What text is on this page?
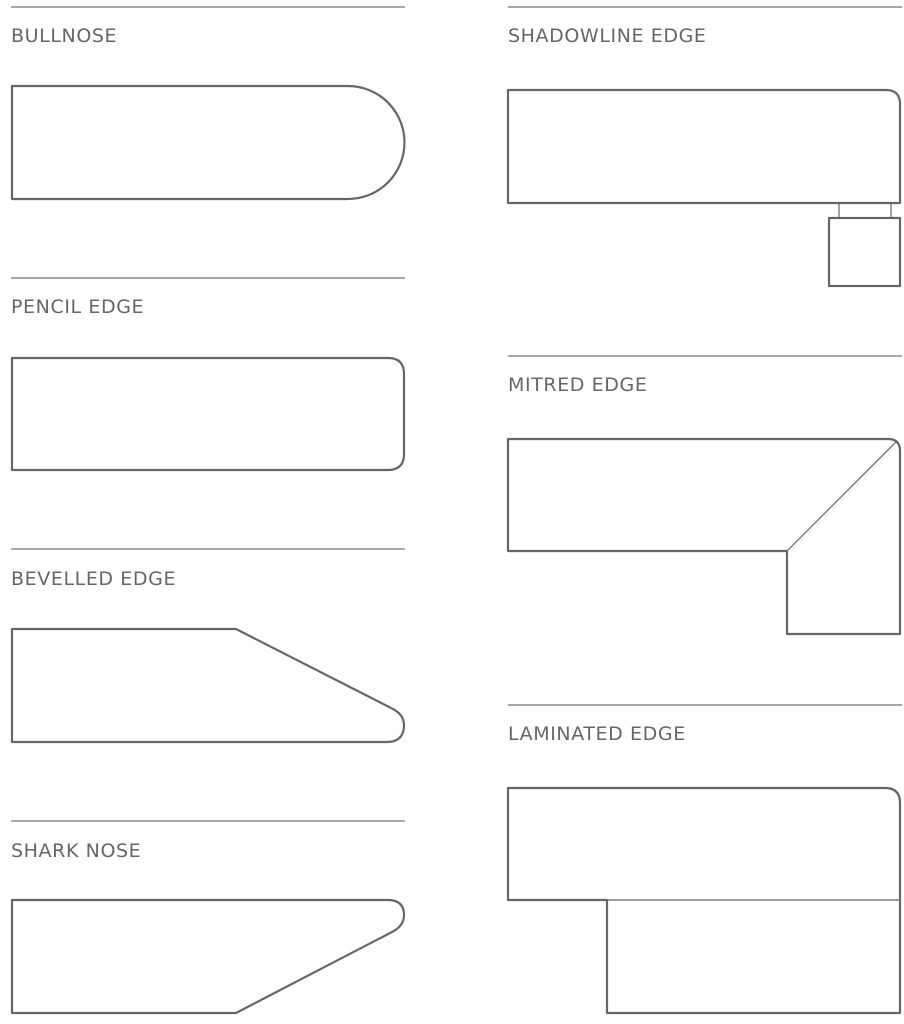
BULLNOSE
PENCIL EDGE
BEVELLED EDGE
SHARK NOSE
SHADOWLINE EDGE
MITRED EDGE
LAMINATED EDGE
